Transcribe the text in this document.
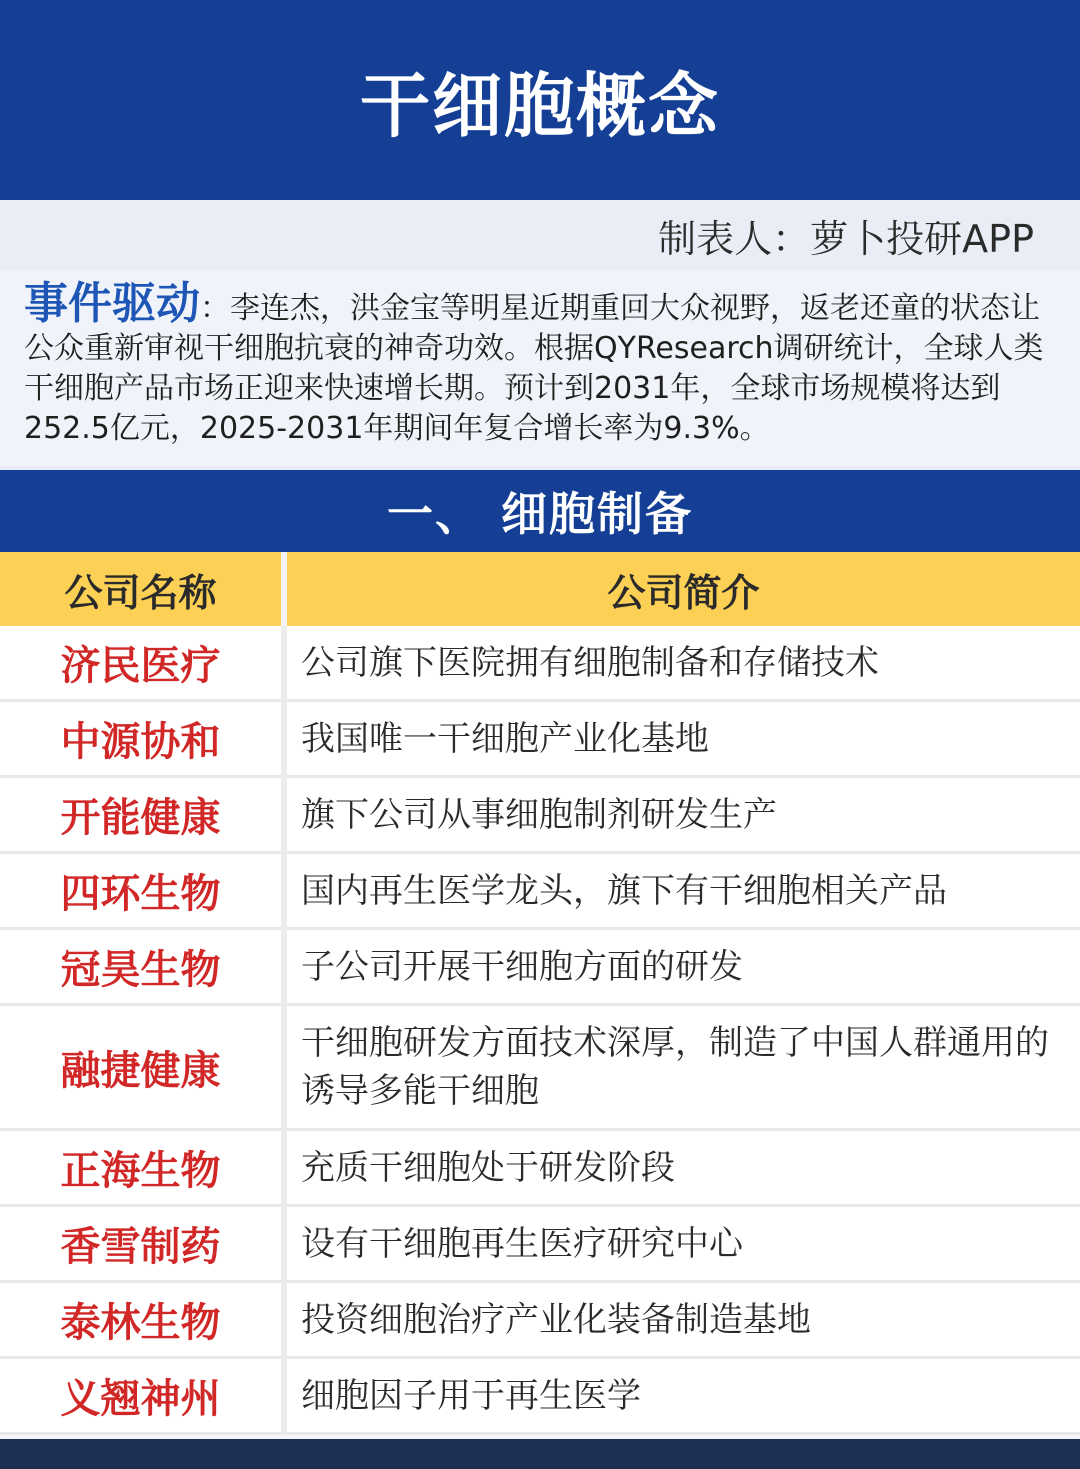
干细胞概念
制表人：萝卜投研APP
事件驱动：李连杰，洪金宝等明星近期重回大众视野，返老还童的状态让公众重新审视干细胞抗衰的神奇功效。根据QYResearch调研统计，全球人类干细胞产品市场正迎来快速增长期。预计到2031年，全球市场规模将达到252.5亿元，2025-2031年期间年复合增长率为9.3%。
一、 细胞制备
公司名称	公司简介
济民医疗	公司旗下医院拥有细胞制备和存储技术
中源协和	我国唯一干细胞产业化基地
开能健康	旗下公司从事细胞制剂研发生产
四环生物	国内再生医学龙头，旗下有干细胞相关产品
冠昊生物	子公司开展干细胞方面的研发
融捷健康	干细胞研发方面技术深厚，制造了中国人群通用的 诱导多能干细胞
正海生物	充质干细胞处于研发阶段
香雪制药	设有干细胞再生医疗研究中心
泰林生物	投资细胞治疗产业化装备制造基地
义翘神州	细胞因子用于再生医学
